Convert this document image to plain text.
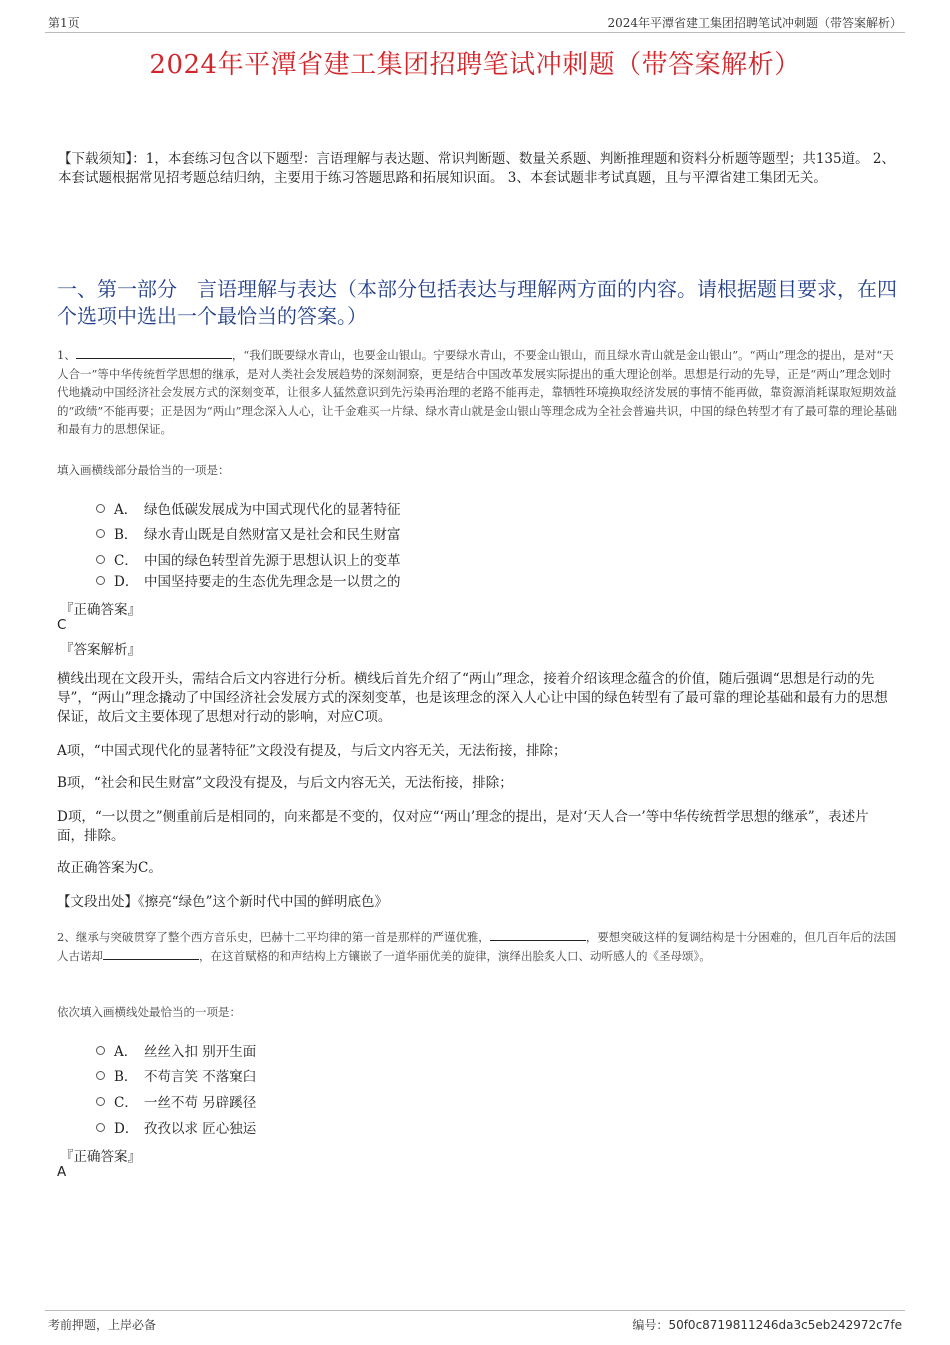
第1页	2024年平潭省建工集团招聘笔试冲刺题（带答案解析）
2024年平潭省建工集团招聘笔试冲刺题（带答案解析）
【下载须知】：1，本套练习包含以下题型：言语理解与表达题、常识判断题、数量关系题、判断推理题和资料分析题等题型；共135道。 2、本套试题根据常见招考题总结归纳，主要用于练习答题思路和拓展知识面。 3、本套试题非考试真题，且与平潭省建工集团无关。
一、第一部分　言语理解与表达（本部分包括表达与理解两方面的内容。请根据题目要求，在四个选项中选出一个最恰当的答案。）
1、	，“我们既要绿水青山，也要金山银山。宁要绿水青山，不要金山银山，而且绿水青山就是金山银山”。“两山”理念的提出，是对“天人合一”等中华传统哲学思想的继承，是对人类社会发展趋势的深刻洞察，更是结合中国改革发展实际提出的重大理论创举。思想是行动的先导，正是“两山”理念划时代地撬动中国经济社会发展方式的深刻变革，让很多人猛然意识到先污染再治理的老路不能再走，靠牺牲环境换取经济发展的事情不能再做，靠资源消耗谋取短期效益的“政绩”不能再要；正是因为“两山”理念深入人心，让千金难买一片绿、绿水青山就是金山银山等理念成为全社会普遍共识，中国的绿色转型才有了最可靠的理论基础和最有力的思想保证。
填入画横线部分最恰当的一项是：
A． 绿色低碳发展成为中国式现代化的显著特征
B． 绿水青山既是自然财富又是社会和民生财富
C． 中国的绿色转型首先源于思想认识上的变革
D． 中国坚持要走的生态优先理念是一以贯之的
『正确答案』
C
『答案解析』
横线出现在文段开头，需结合后文内容进行分析。横线后首先介绍了“两山”理念，接着介绍该理念蕴含的价值，随后强调“思想是行动的先导”，“两山”理念撬动了中国经济社会发展方式的深刻变革，也是该理念的深入人心让中国的绿色转型有了最可靠的理论基础和最有力的思想保证，故后文主要体现了思想对行动的影响，对应C项。
A项，“中国式现代化的显著特征”文段没有提及，与后文内容无关，无法衔接，排除；
B项，“社会和民生财富”文段没有提及，与后文内容无关，无法衔接，排除；
D项，“一以贯之”侧重前后是相同的，向来都是不变的，仅对应“‘两山’理念的提出，是对‘天人合一’等中华传统哲学思想的继承”，表述片面，排除。
故正确答案为C。
【文段出处】《擦亮“绿色”这个新时代中国的鲜明底色》
2、继承与突破贯穿了整个西方音乐史，巴赫十二平均律的第一首是那样的严谨优雅，	，要想突破这样的复调结构是十分困难的，但几百年后的法国人古诺却	，在这首赋格的和声结构上方镶嵌了一道华丽优美的旋律，演绎出脍炙人口、动听感人的《圣母颂》。
依次填入画横线处最恰当的一项是：
A． 丝丝入扣 别开生面
B． 不苟言笑 不落窠臼
C． 一丝不苟 另辟蹊径
D． 孜孜以求 匠心独运
『正确答案』
A
考前押题，上岸必备	编号：50f0c8719811246da3c5eb242972c7fe
